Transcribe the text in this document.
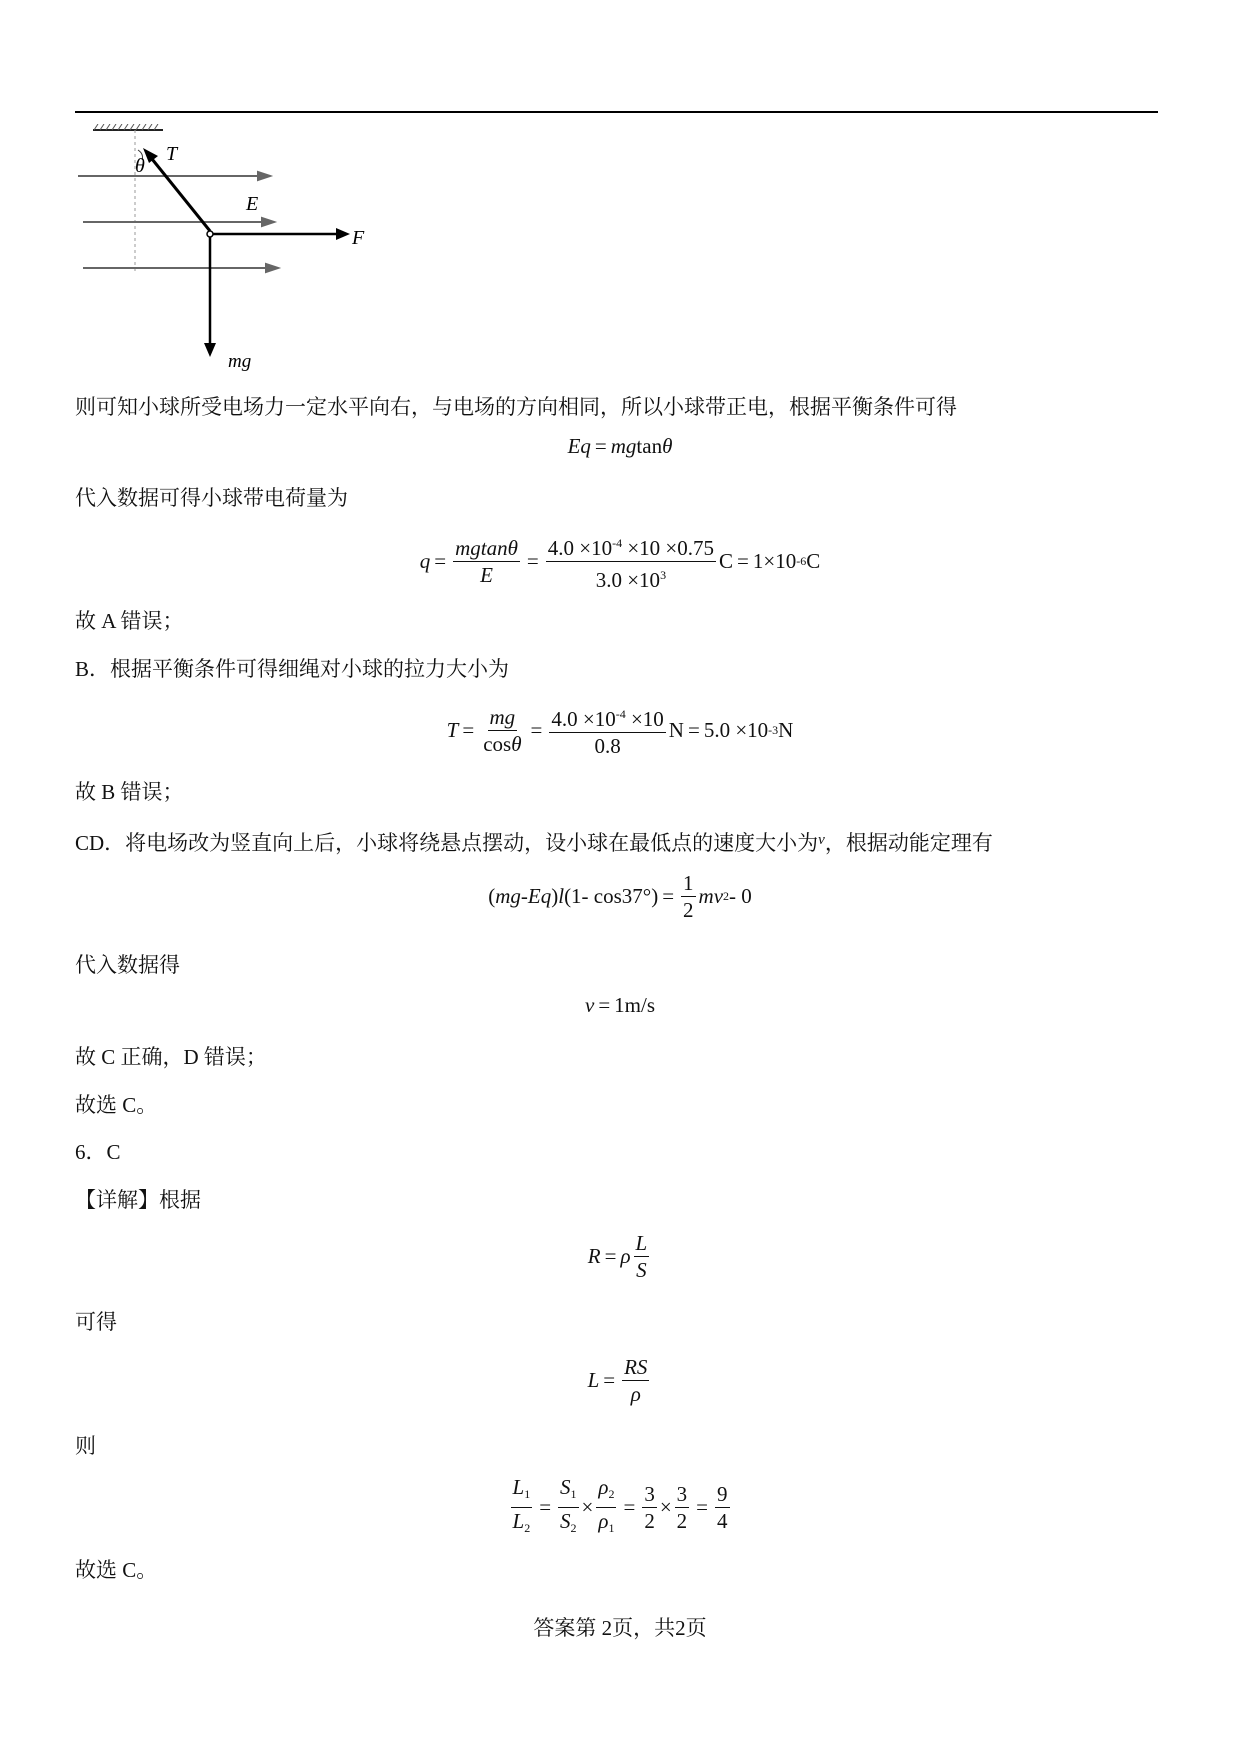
θ
T
E
F
mg
则可知小球所受电场力一定水平向右，与电场的方向相同，所以小球带正电，根据平衡条件可得
Eq = mg tan θ
代入数据可得小球带电荷量为
$q = \frac{mgtan\theta}{E} = \frac{4.0 \times 10^{-4} \times 10 \times 0.75}{3.0 \times 10^3}$ C = 1×10 -6 C
故 A 错误；
B．根据平衡条件可得细绳对小球的拉力大小为
$T = \frac{mg}{\cos\theta} = \frac{4.0 \times 10^{-4} \times 10}{0.8}$ N = 5.0 ×10 -3 N
故 B 错误；
CD．将电场改为竖直向上后，小球将绕悬点摆动，设小球在最低点的速度大小为$^v$，根据动能定理有
( mg - Eq ) l (1- $\cos 37^\circ) = \frac{1}{2}$ mv 2 - 0
代入数据得
v = 1m/s
故 C 正确，D 错误；
故选 C。
6．C
【详解】根据
R = ρ $\frac{L}{S}$
可得
$L = \frac{RS}{\rho}$
则
$\frac{L_1}{L_2} = \frac{S_1}{S_2} \times \frac{\rho_2}{\rho_1} = \frac{3}{2} \times \frac{3}{2} = \frac{9}{4}$
故选 C。
答案第 2页，共2页
